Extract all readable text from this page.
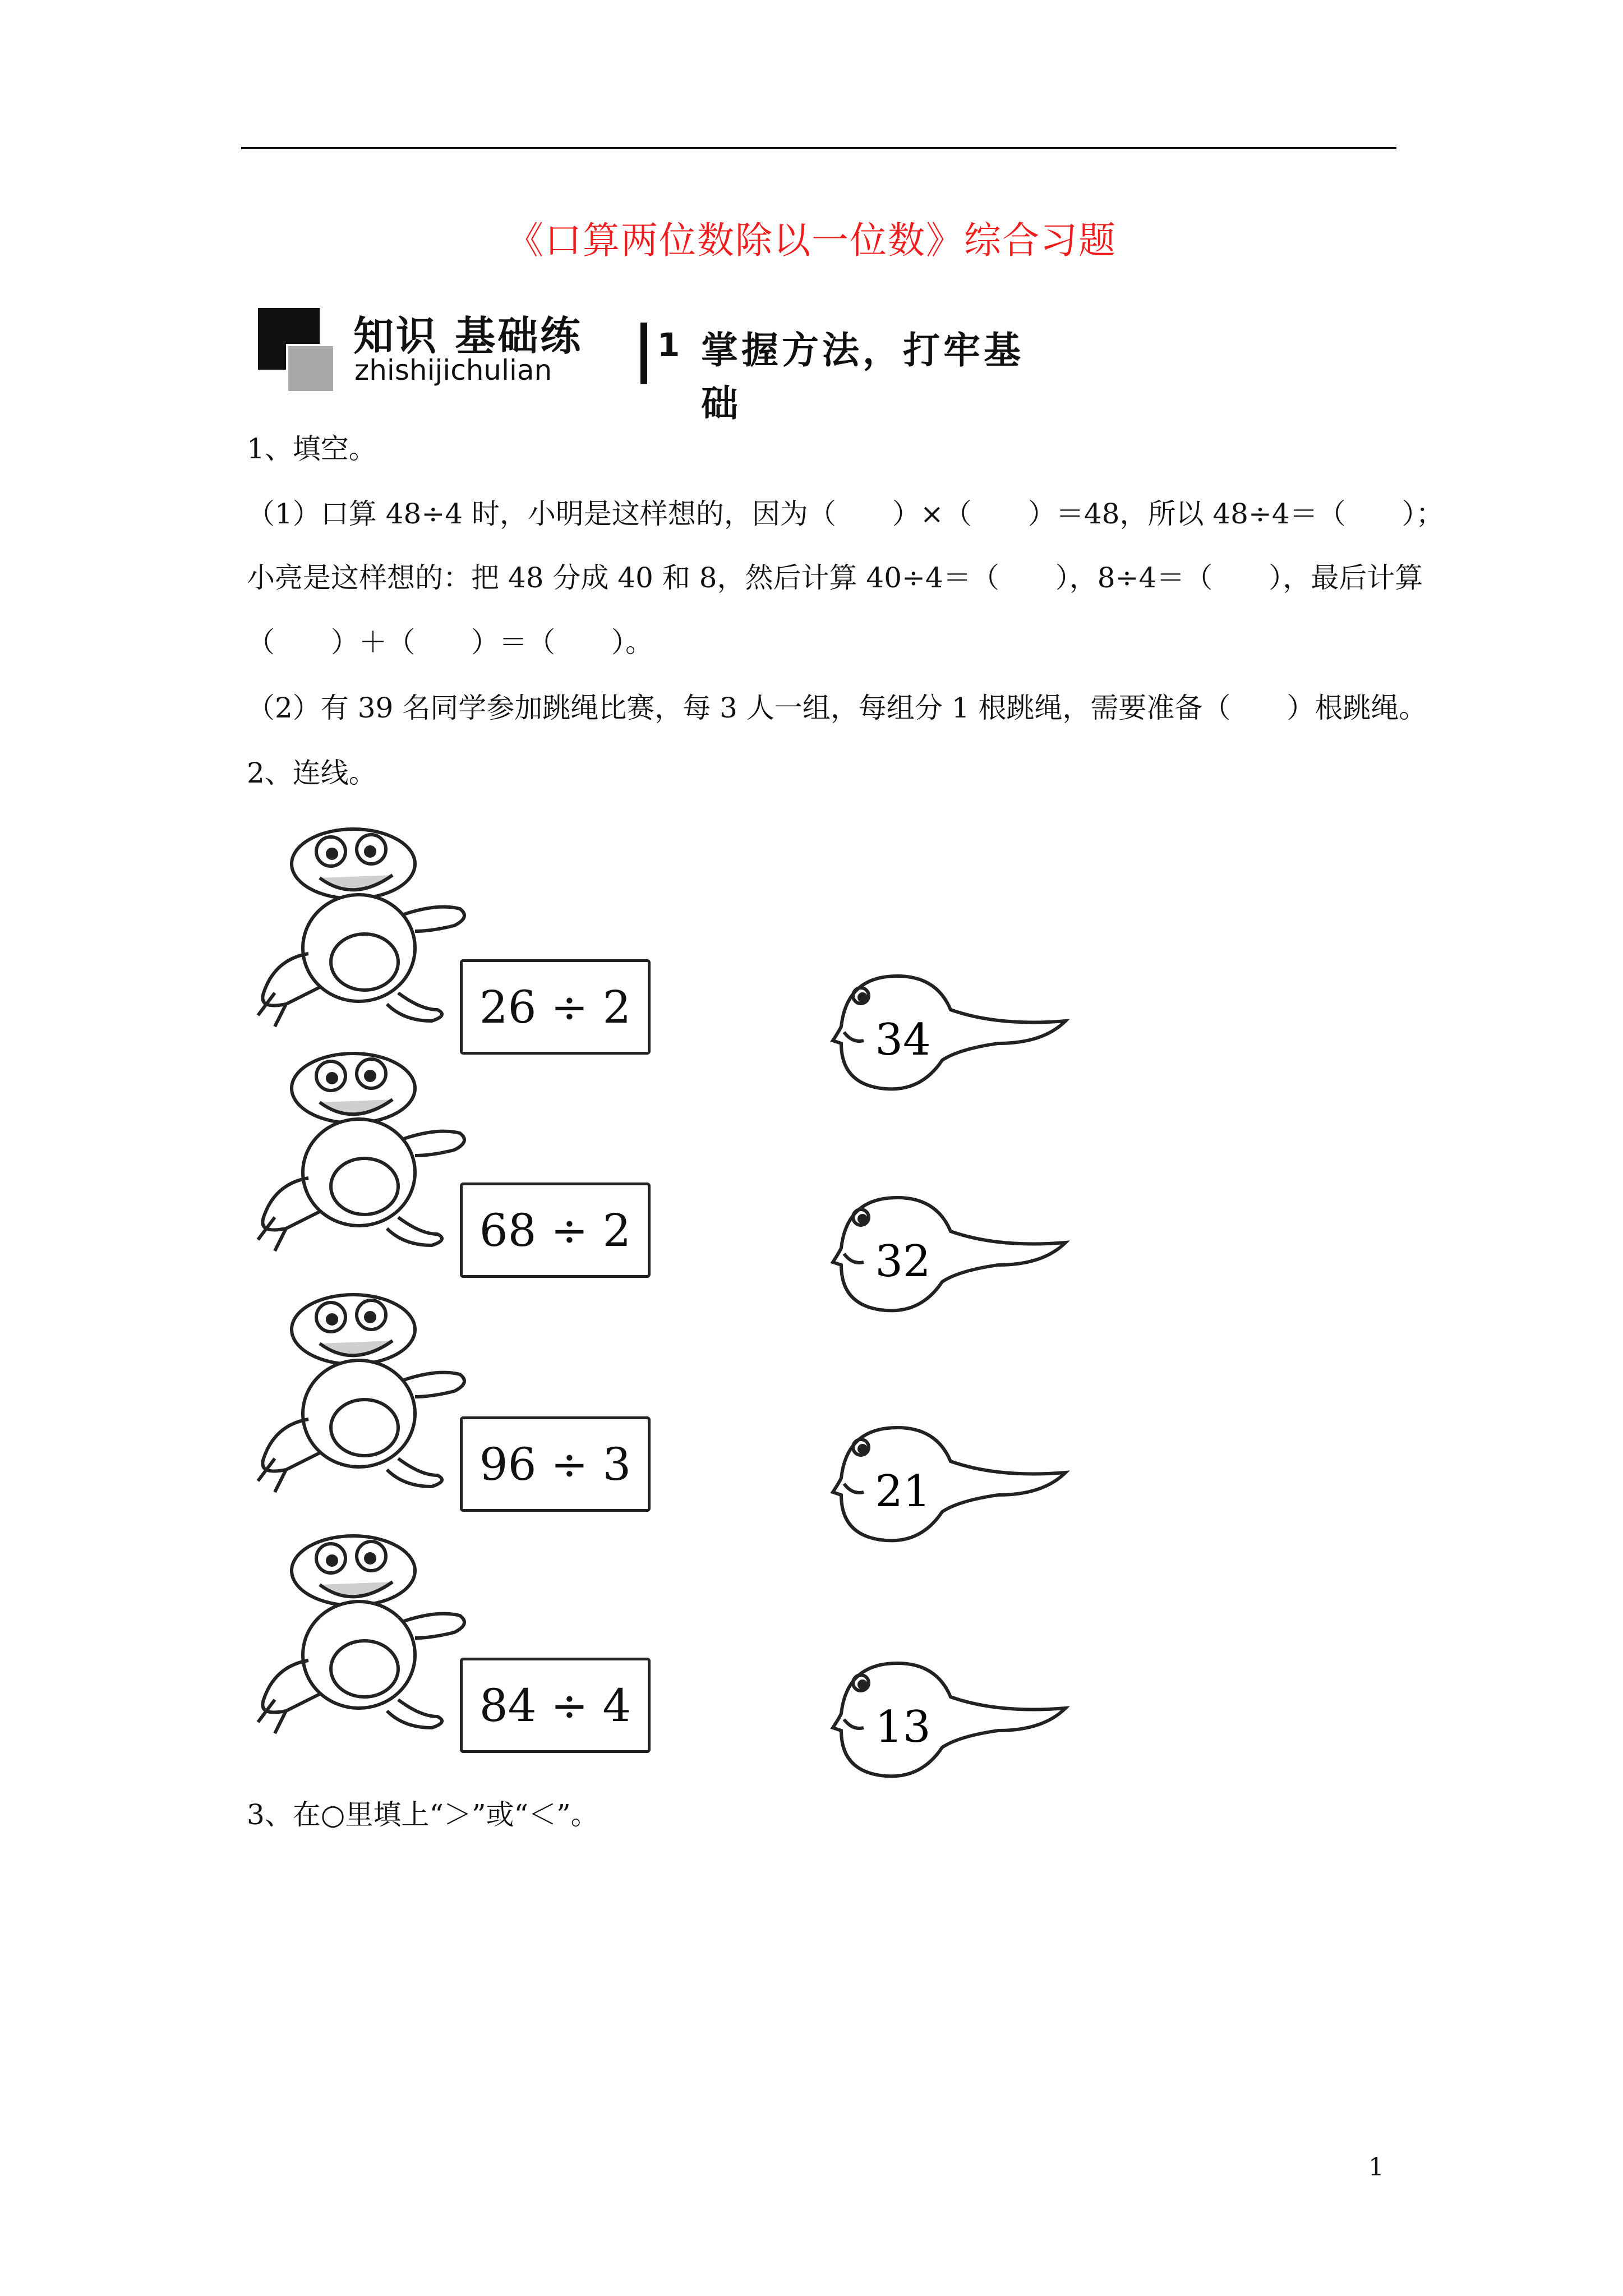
《口算两位数除以一位数》综合习题
知识 基础练
zhishijichulian
1 掌握方法，打牢基础
1、填空。
（1）口算 48÷4 时，小明是这样想的，因为（　　）×（　　）＝48，所以 48÷4＝（　　）；
小亮是这样想的：把 48 分成 40 和 8，然后计算 40÷4＝（　　），8÷4＝（　　），最后计算
（　　）＋（　　）＝（　　）。
（2）有 39 名同学参加跳绳比赛，每 3 人一组，每组分 1 根跳绳，需要准备（　　）根跳绳。
2、连线。
26 ÷ 2
34
68 ÷ 2
32
96 ÷ 3
21
84 ÷ 4	13
3、在○里填上“＞”或“＜”。
1
